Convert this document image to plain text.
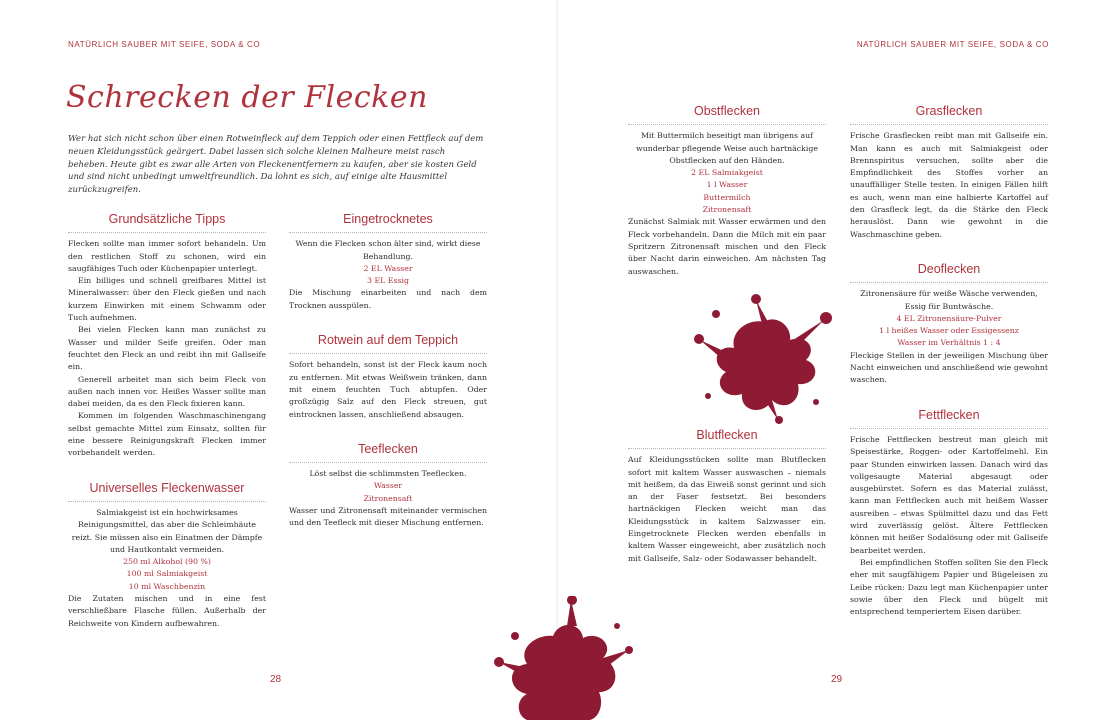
NATÜRLICH SAUBER MIT SEIFE, SODA & CO	NATÜRLICH SAUBER MIT SEIFE, SODA & CO
Schrecken der Flecken

Wer hat sich nicht schon über einen Rotweinfleck auf dem Teppich oder einen Fettfleck auf dem neuen Kleidungsstück geärgert. Dabei lassen sich solche kleinen Malheure meist rasch beheben. Heute gibt es zwar alle Arten von Fleckenentfernern zu kaufen, aber sie kosten Geld und sind nicht unbedingt umweltfreundlich. Da lohnt es sich, auf einige alte Hausmittel zurückzugreifen.

Grundsätzliche Tipps

Flecken sollte man immer sofort behandeln. Um den restlichen Stoff zu schonen, wird ein saugfähiges Tuch oder Küchenpapier unterlegt.

Ein billiges und schnell greifbares Mittel ist Mineralwasser: über den Fleck gießen und nach kurzem Einwirken mit einem Schwamm oder Tuch aufnehmen.

Bei vielen Flecken kann man zunächst zu Wasser und milder Seife greifen. Oder man feuchtet den Fleck an und reibt ihn mit Gallseife ein.

Generell arbeitet man sich beim Fleck von außen nach innen vor. Heißes Wasser sollte man dabei meiden, da es den Fleck fixieren kann.

Kommen im folgenden Waschmaschinengang selbst gemachte Mittel zum Einsatz, sollten für eine bessere Reinigungskraft Flecken immer vorbehandelt werden.

Universelles Fleckenwasser

Salmiakgeist ist ein hochwirksames Reinigungsmittel, das aber die Schleimhäute reizt. Sie müssen also ein Einatmen der Dämpfe und Hautkontakt vermeiden.

250 ml Alkohol (90 %)

100 ml Salmiakgeist

10 ml Waschbenzin

Die Zutaten mischen und in eine fest verschließbare Flasche füllen. Außerhalb der Reichweite von Kindern aufbewahren.

Eingetrocknetes

Wenn die Flecken schon älter sind, wirkt diese Behandlung.

2 EL Wasser

3 EL Essig

Die Mischung einarbeiten und nach dem Trocknen ausspülen.

Rotwein auf dem Teppich

Sofort behandeln, sonst ist der Fleck kaum noch zu entfernen. Mit etwas Weißwein tränken, dann mit einem feuchten Tuch abtupfen. Oder großzügig Salz auf den Fleck streuen, gut eintrocknen lassen, anschließend absaugen.

Teeflecken

Löst selbst die schlimmsten Teeflecken.

Wasser

Zitronensaft

Wasser und Zitronensaft miteinander vermischen und den Teefleck mit dieser Mischung entfernen.

Obstflecken

Mit Buttermilch beseitigt man übrigens auf wunderbar pflegende Weise auch hartnäckige Obstflecken auf den Händen.

2 EL Salmiakgeist

1 l Wasser

Buttermilch

Zitronensaft

Zunächst Salmiak mit Wasser erwärmen und den Fleck vorbehandeln. Dann die Milch mit ein paar Spritzern Zitronensaft mischen und den Fleck über Nacht darin einweichen. Am nächsten Tag auswaschen.

Blutflecken

Auf Kleidungsstücken sollte man Blutflecken sofort mit kaltem Wasser auswaschen – niemals mit heißem, da das Eiweiß sonst gerinnt und sich an der Faser festsetzt. Bei besonders hartnäckigen Flecken weicht man das Kleidungsstück in kaltem Salzwasser ein. Eingetrocknete Flecken werden ebenfalls in kaltem Wasser eingeweicht, aber zusätzlich noch mit Gallseife, Salz- oder Sodawasser behandelt.

Grasflecken

Frische Grasflecken reibt man mit Gallseife ein. Man kann es auch mit Salmiakgeist oder Brennspiritus versuchen, sollte aber die Empfindlichkeit des Stoffes vorher an unauffälliger Stelle testen. In einigen Fällen hilft es auch, wenn man eine halbierte Kartoffel auf den Grasfleck legt, da die Stärke den Fleck herauslöst. Dann wie gewohnt in die Waschmaschine geben.

Deoflecken

Zitronensäure für weiße Wäsche verwenden, Essig für Buntwäsche.

4 EL Zitronensäure-Pulver

1 l heißes Wasser oder Essigessenz

Wasser im Verhältnis 1 : 4

Fleckige Stellen in der jeweiligen Mischung über Nacht einweichen und anschließend wie gewohnt waschen.

Fettflecken

Frische Fettflecken bestreut man gleich mit Speisestärke, Roggen- oder Kartoffelmehl. Ein paar Stunden einwirken lassen. Danach wird das vollgesaugte Material abgesaugt oder ausgebürstet. Sofern es das Material zulässt, kann man Fettflecken auch mit heißem Wasser ausreiben – etwas Spülmittel dazu und das Fett wird zuverlässig gelöst. Ältere Fettflecken können mit heißer Sodalösung oder mit Gallseife bearbeitet werden.

Bei empfindlichen Stoffen sollten Sie den Fleck eher mit saugfähigem Papier und Bügeleisen zu Leibe rücken: Dazu legt man Küchenpapier unter sowie über den Fleck und bügelt mit entsprechend temperiertem Eisen darüber.

28	29
